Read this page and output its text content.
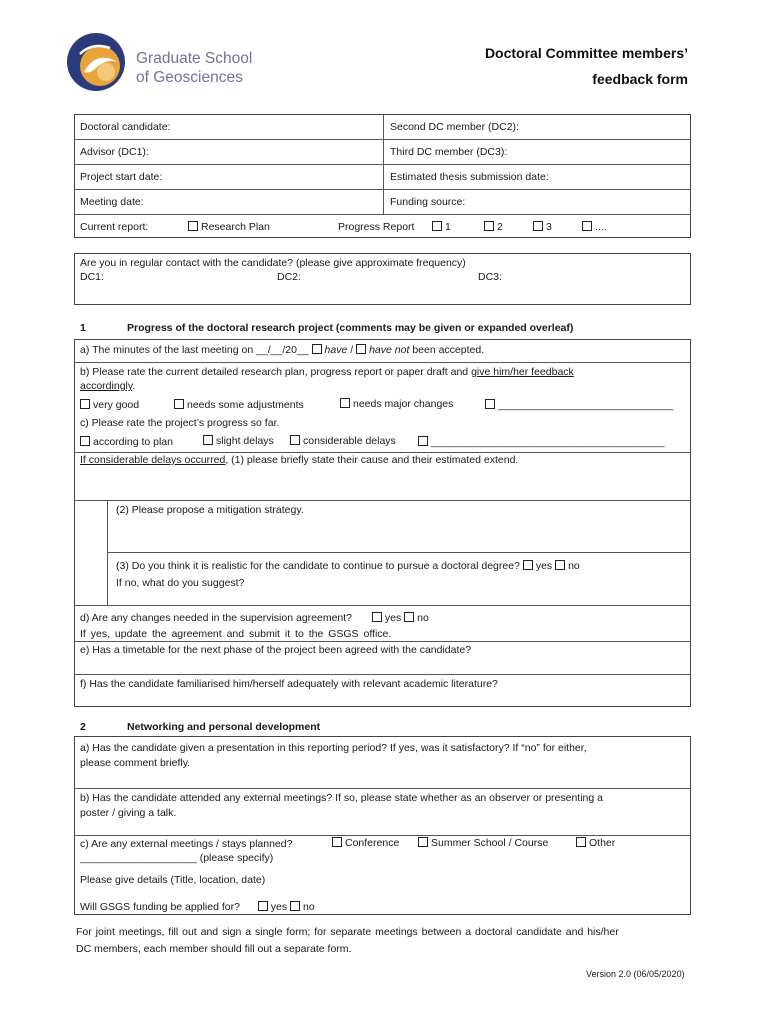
Graduate School
of Geosciences
Doctoral Committee members’
feedback form
Doctoral candidate:	Second DC member (DC2):
Advisor (DC1):	Third DC member (DC3):
Project start date:	Estimated thesis submission date:
Meeting date:	Funding source:
Current report:	Research Plan	Progress Report	1	2	3	....
Are you in regular contact with the candidate? (please give approximate frequency)
DC1:	DC2:	DC3:
1	Progress of the doctoral research project (comments may be given or expanded overleaf)
a) The minutes of the last meeting on __/__/20__ have / have not been accepted.
b) Please rate the current detailed research plan, progress report or paper draft and give him/her feedback
accordingly.
very good	needs some adjustments	needs major changes	______________________________
c) Please rate the project’s progress so far.
according to plan	slight delays	considerable delays	________________________________________
If considerable delays occurred, (1) please briefly state their cause and their estimated extend.
(2) Please propose a mitigation strategy.
(3) Do you think it is realistic for the candidate to continue to pursue a doctoral degree? yes no
If no, what do you suggest?
d) Are any changes needed in the supervision agreement?	yes no
If yes, update the agreement and submit it to the GSGS office.
e) Has a timetable for the next phase of the project been agreed with the candidate?
f) Has the candidate familiarised him/herself adequately with relevant academic literature?
2	Networking and personal development
a) Has the candidate given a presentation in this reporting period? If yes, was it satisfactory? If “no” for either,
please comment briefly.
b) Has the candidate attended any external meetings? If so, please state whether as an observer or presenting a
poster / giving a talk.
c) Are any external meetings / stays planned?	Conference	Summer School / Course	Other
____________________ (please specify)
Please give details (Title, location, date)
Will GSGS funding be applied for?	yes no
For joint meetings, fill out and sign a single form; for separate meetings between a doctoral candidate and his/her
DC members, each member should fill out a separate form.
Version 2.0 (06/05/2020)
